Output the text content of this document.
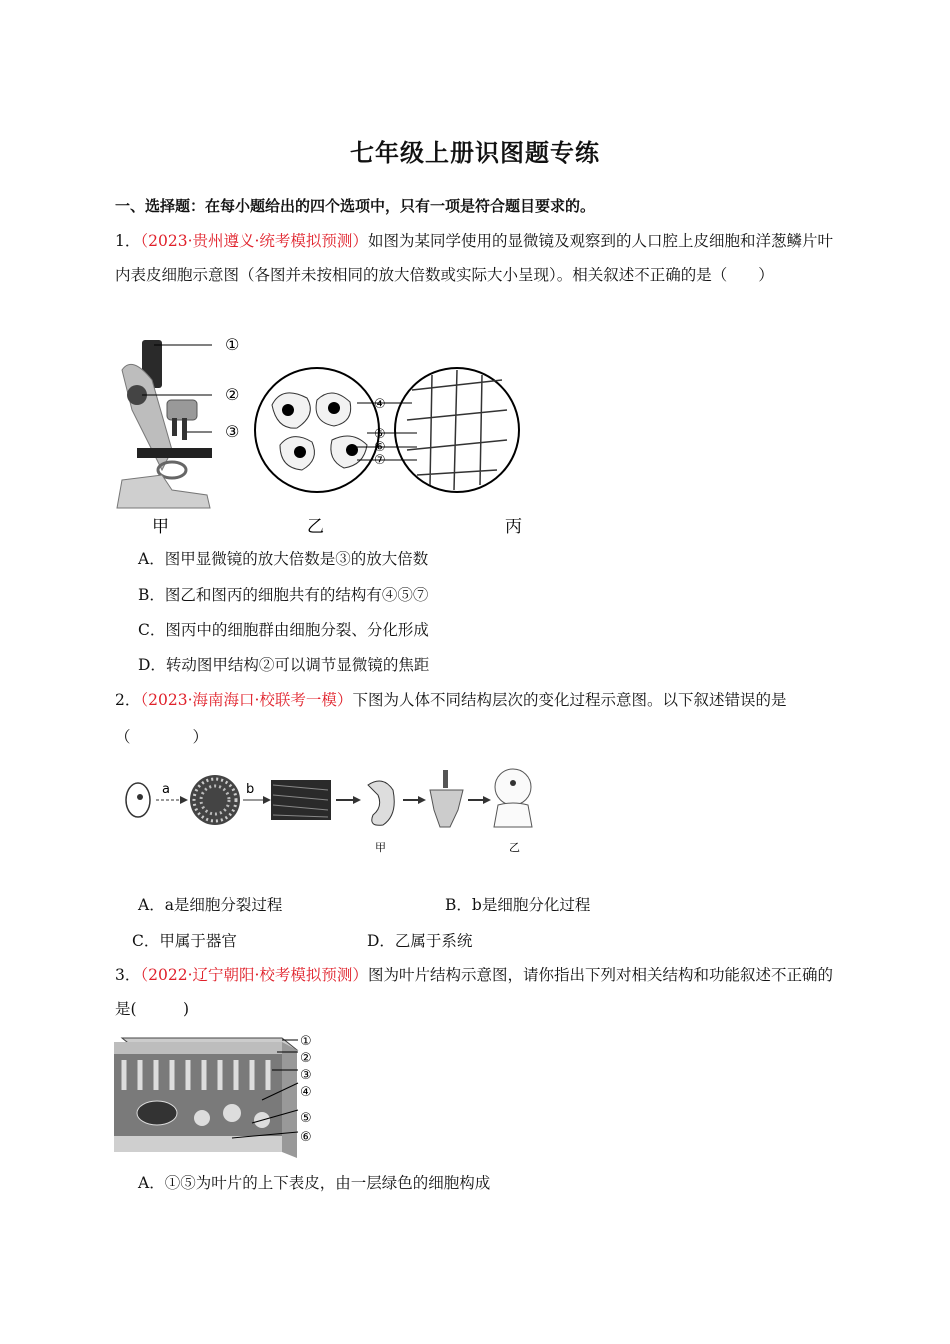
七年级上册识图题专练
一、选择题：在每小题给出的四个选项中，只有一项是符合题目要求的。
1．（2023·贵州遵义·统考模拟预测）如图为某同学使用的显微镜及观察到的人口腔上皮细胞和洋葱鳞片叶内表皮细胞示意图（各图并未按相同的放大倍数或实际大小呈现）。相关叙述不正确的是（　　）
①
②
③
④
⑤
⑥
⑦
甲	乙	丙
A．图甲显微镜的放大倍数是③的放大倍数
B．图乙和图丙的细胞共有的结构有④⑤⑦
C．图丙中的细胞群由细胞分裂、分化形成
D．转动图甲结构②可以调节显微镜的焦距
2．（2023·海南海口·校联考一模）下图为人体不同结构层次的变化过程示意图。以下叙述错误的是
（　　　　）
a	b
甲	乙
A．a是细胞分裂过程	B．b是细胞分化过程
C．甲属于器官	D．乙属于系统
3．（2022·辽宁朝阳·校考模拟预测）图为叶片结构示意图，请你指出下列对相关结构和功能叙述不正确的是(　　　)
①
②
③
④
⑤
⑥
A．①⑤为叶片的上下表皮，由一层绿色的细胞构成
